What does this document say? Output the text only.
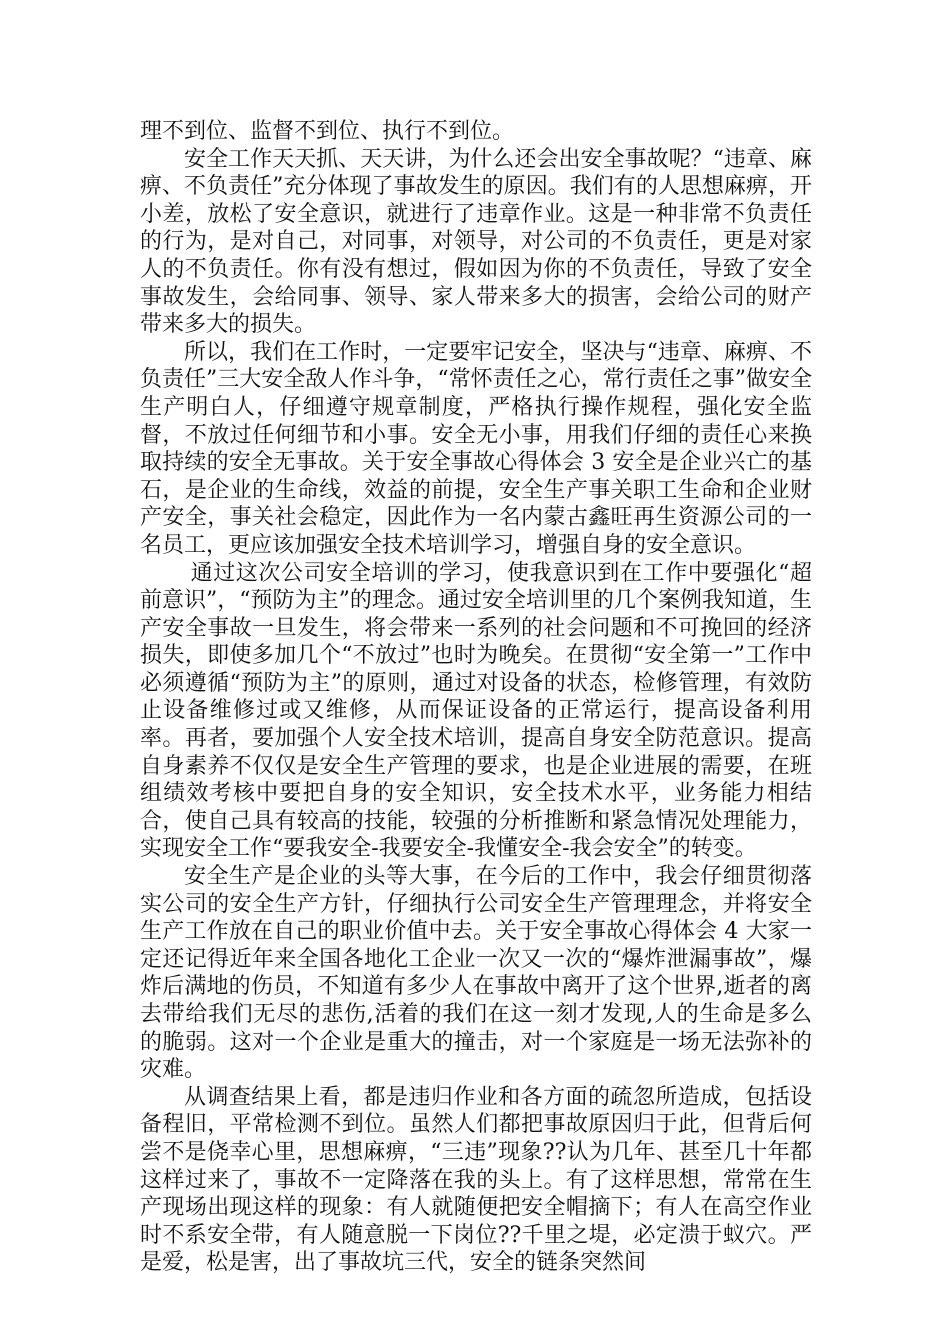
理不到位、监督不到位、执行不到位。

安全工作天天抓、天天讲，为什么还会出安全事故呢？“违章、麻痹、不负责任”充分体现了事故发生的原因。我们有的人思想麻痹，开小差，放松了安全意识，就进行了违章作业。这是一种非常不负责任的行为，是对自己，对同事，对领导，对公司的不负责任，更是对家人的不负责任。你有没有想过，假如因为你的不负责任，导致了安全事故发生，会给同事、领导、家人带来多大的损害，会给公司的财产带来多大的损失。

所以，我们在工作时，一定要牢记安全，坚决与“违章、麻痹、不负责任”三大安全敌人作斗争，“常怀责任之心，常行责任之事”做安全生产明白人，仔细遵守规章制度，严格执行操作规程，强化安全监督，不放过任何细节和小事。安全无小事，用我们仔细的责任心来换取持续的安全无事故。关于安全事故心得体会 3 安全是企业兴亡的基石，是企业的生命线，效益的前提，安全生产事关职工生命和企业财产安全，事关社会稳定，因此作为一名内蒙古鑫旺再生资源公司的一名员工，更应该加强安全技术培训学习，增强自身的安全意识。

通过这次公司安全培训的学习，使我意识到在工作中要强化“超前意识”，“预防为主”的理念。通过安全培训里的几个案例我知道，生产安全事故一旦发生，将会带来一系列的社会问题和不可挽回的经济损失，即使多加几个“不放过”也时为晚矣。在贯彻“安全第一”工作中必须遵循“预防为主”的原则，通过对设备的状态，检修管理，有效防止设备维修过或又维修，从而保证设备的正常运行，提高设备利用率。再者，要加强个人安全技术培训，提高自身安全防范意识。提高自身素养不仅仅是安全生产管理的要求，也是企业进展的需要，在班组绩效考核中要把自身的安全知识，安全技术水平，业务能力相结合，使自己具有较高的技能，较强的分析推断和紧急情况处理能力，实现安全工作“要我安全-我要安全-我懂安全-我会安全”的转变。

安全生产是企业的头等大事，在今后的工作中，我会仔细贯彻落实公司的安全生产方针，仔细执行公司安全生产管理理念，并将安全生产工作放在自己的职业价值中去。关于安全事故心得体会 4 大家一定还记得近年来全国各地化工企业一次又一次的“爆炸泄漏事故”，爆炸后满地的伤员，不知道有多少人在事故中离开了这个世界,逝者的离去带给我们无尽的悲伤,活着的我们在这一刻才发现,人的生命是多么的脆弱。这对一个企业是重大的撞击，对一个家庭是一场无法弥补的灾难。

从调查结果上看，都是违归作业和各方面的疏忽所造成，包括设备程旧，平常检测不到位。虽然人们都把事故原因归于此，但背后何尝不是侥幸心里，思想麻痹，“三违”现象??认为几年、甚至几十年都这样过来了，事故不一定降落在我的头上。有了这样思想，常常在生产现场出现这样的现象：有人就随便把安全帽摘下；有人在高空作业时不系安全带，有人随意脱一下岗位??千里之堤，必定溃于蚁穴。严是爱，松是害，出了事故坑三代，安全的链条突然间
